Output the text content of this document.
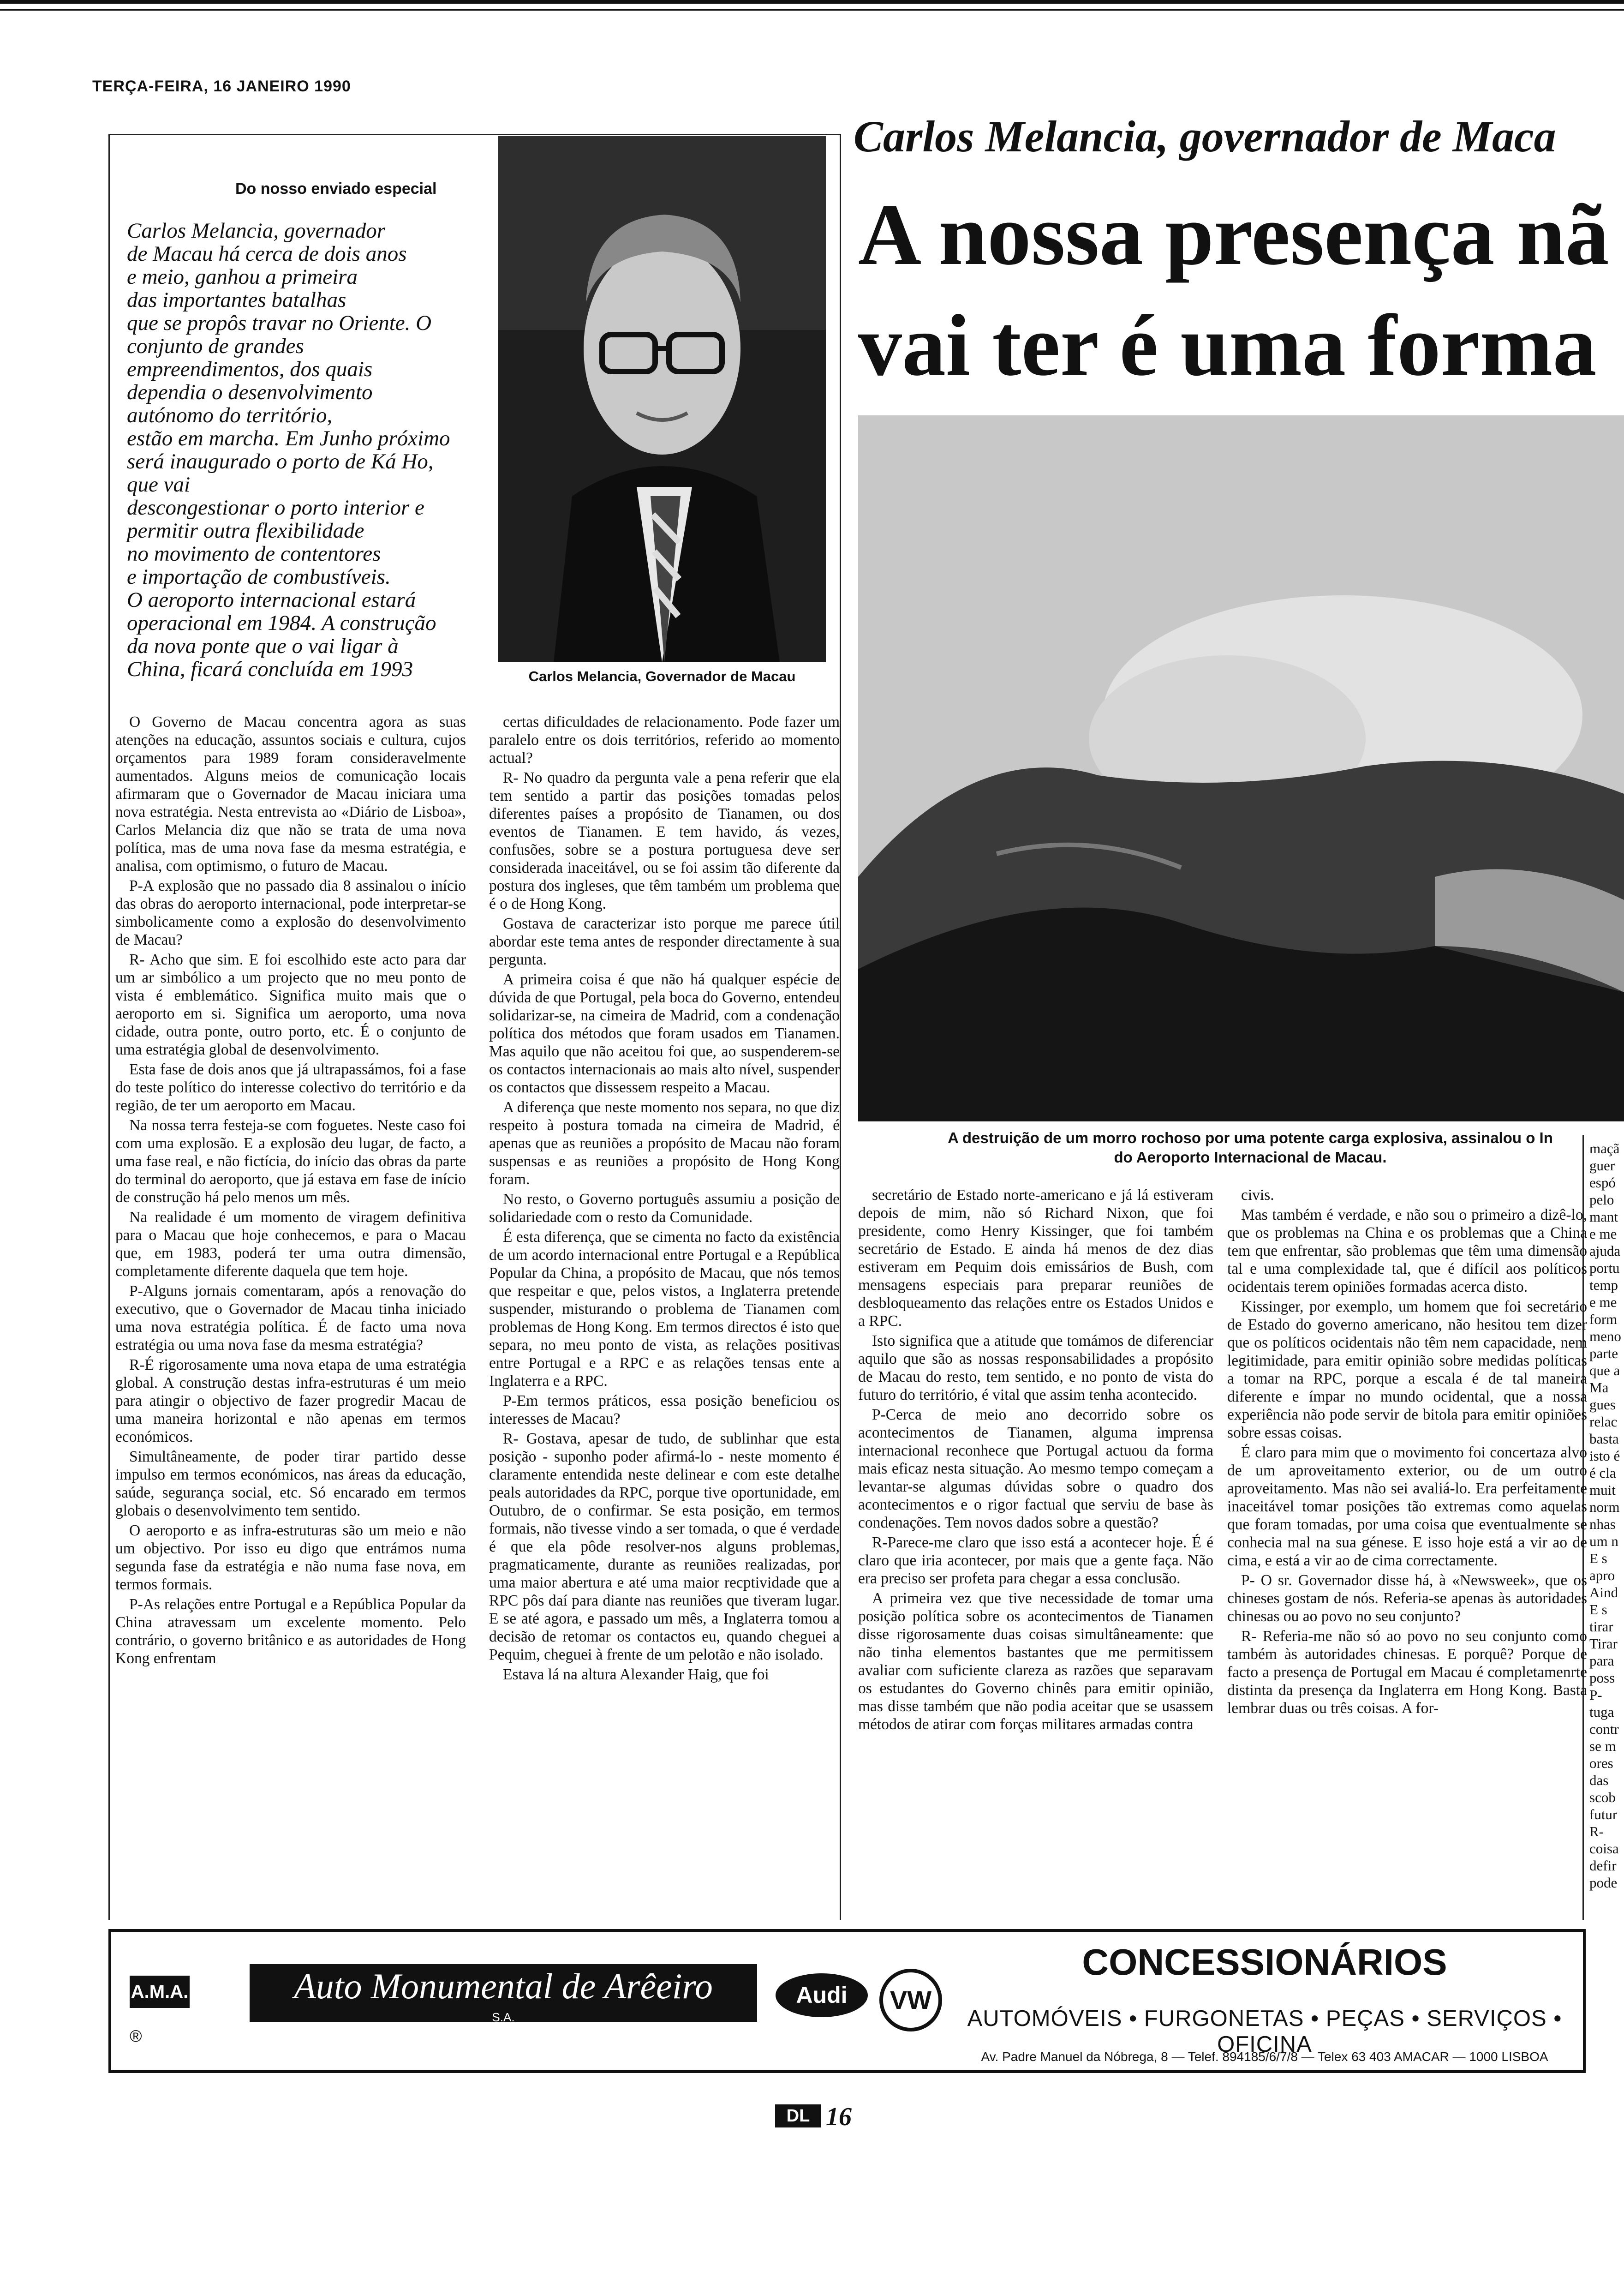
TERÇA-FEIRA, 16 JANEIRO 1990
Carlos Melancia, governador de Maca
A nossa presença nã
vai ter é uma forma
Do nosso enviado especial

Carlos Melancia, governador

de Macau há cerca de dois anos

e meio, ganhou a primeira

das importantes batalhas

que se propôs travar no Oriente. O

conjunto de grandes

empreendimentos, dos quais

dependia o desenvolvimento

autónomo do território,

estão em marcha. Em Junho próximo

será inaugurado o porto de Ká Ho,

que vai

descongestionar o porto interior e

permitir outra flexibilidade

no movimento de contentores

e importação de combustíveis.

O aeroporto internacional estará

operacional em 1984. A construção

da nova ponte que o vai ligar à

China, ficará concluída em 1993	Carlos Melancia, Governador de Macau
A destruição de um morro rochoso por uma potente carga explosiva, assinalou o In
do Aeroporto Internacional de Macau.

O Governo de Macau concentra agora as suas atenções na educação, assuntos sociais e cultura, cujos orçamentos para 1989 foram consideravelmente aumentados. Alguns meios de comunicação locais afirmaram que o Governador de Macau iniciara uma nova estratégia. Nesta entrevista ao «Diário de Lisboa», Carlos Melancia diz que não se trata de uma nova política, mas de uma nova fase da mesma estratégia, e analisa, com optimismo, o futuro de Macau.

P-A explosão que no passado dia 8 assinalou o início das obras do aeroporto internacional, pode interpretar-se simbolicamente como a explosão do desenvolvimento de Macau?

R- Acho que sim. E foi escolhido este acto para dar um ar simbólico a um projecto que no meu ponto de vista é emblemático. Significa muito mais que o aeroporto em si. Significa um aeroporto, uma nova cidade, outra ponte, outro porto, etc. É o conjunto de uma estratégia global de desenvolvimento.

Esta fase de dois anos que já ultrapassámos, foi a fase do teste político do interesse colectivo do território e da região, de ter um aeroporto em Macau.

Na nossa terra festeja-se com foguetes. Neste caso foi com uma explosão. E a explosão deu lugar, de facto, a uma fase real, e não fictícia, do início das obras da parte do terminal do aeroporto, que já estava em fase de início de construção há pelo menos um mês.

Na realidade é um momento de viragem definitiva para o Macau que hoje conhecemos, e para o Macau que, em 1983, poderá ter uma outra dimensão, completamente diferente daquela que tem hoje.

P-Alguns jornais comentaram, após a renovação do executivo, que o Governador de Macau tinha iniciado uma nova estratégia política. É de facto uma nova estratégia ou uma nova fase da mesma estratégia?

R-É rigorosamente uma nova etapa de uma estratégia global. A construção destas infra-estruturas é um meio para atingir o objectivo de fazer progredir Macau de uma maneira horizontal e não apenas em termos económicos.

Simultâneamente, de poder tirar partido desse impulso em termos económicos, nas áreas da educação, saúde, segurança social, etc. Só encarado em termos globais o desenvolvimento tem sentido.

O aeroporto e as infra-estruturas são um meio e não um objectivo. Por isso eu digo que entrámos numa segunda fase da estratégia e não numa fase nova, em termos formais.

P-As relações entre Portugal e a República Popular da China atravessam um excelente momento. Pelo contrário, o governo britânico e as autoridades de Hong Kong enfrentam

certas dificuldades de relacionamento. Pode fazer um paralelo entre os dois territórios, referido ao momento actual?

R- No quadro da pergunta vale a pena referir que ela tem sentido a partir das posições tomadas pelos diferentes países a propósito de Tianamen, ou dos eventos de Tianamen. E tem havido, ás vezes, confusões, sobre se a postura portuguesa deve ser considerada inaceitável, ou se foi assim tão diferente da postura dos ingleses, que têm também um problema que é o de Hong Kong.

Gostava de caracterizar isto porque me parece útil abordar este tema antes de responder directamente à sua pergunta.

A primeira coisa é que não há qualquer espécie de dúvida de que Portugal, pela boca do Governo, entendeu solidarizar-se, na cimeira de Madrid, com a condenação política dos métodos que foram usados em Tianamen. Mas aquilo que não aceitou foi que, ao suspenderem-se os contactos internacionais ao mais alto nível, suspender os contactos que dissessem respeito a Macau.

A diferença que neste momento nos separa, no que diz respeito à postura tomada na cimeira de Madrid, é apenas que as reuniões a propósito de Macau não foram suspensas e as reuniões a propósito de Hong Kong foram.

No resto, o Governo português assumiu a posição de solidariedade com o resto da Comunidade.

É esta diferença, que se cimenta no facto da existência de um acordo internacional entre Portugal e a República Popular da China, a propósito de Macau, que nós temos que respeitar e que, pelos vistos, a Inglaterra pretende suspender, misturando o problema de Tianamen com problemas de Hong Kong. Em termos directos é isto que separa, no meu ponto de vista, as relações positivas entre Portugal e a RPC e as relações tensas ente a Inglaterra e a RPC.

P-Em termos práticos, essa posição beneficiou os interesses de Macau?

R- Gostava, apesar de tudo, de sublinhar que esta posição - suponho poder afirmá-lo - neste momento é claramente entendida neste delinear e com este detalhe peals autoridades da RPC, porque tive oportunidade, em Outubro, de o confirmar. Se esta posição, em termos formais, não tivesse vindo a ser tomada, o que é verdade é que ela pôde resolver-nos alguns problemas, pragmaticamente, durante as reuniões realizadas, por uma maior abertura e até uma maior recptividade que a RPC pôs daí para diante nas reuniões que tiveram lugar. E se até agora, e passado um mês, a Inglaterra tomou a decisão de retomar os contactos eu, quando cheguei a Pequim, cheguei à frente de um pelotão e não isolado.

Estava lá na altura Alexander Haig, que foi

secretário de Estado norte-americano e já lá estiveram depois de mim, não só Richard Nixon, que foi presidente, como Henry Kissinger, que foi também secretário de Estado. E ainda há menos de dez dias estiveram em Pequim dois emissários de Bush, com mensagens especiais para preparar reuniões de desbloqueamento das relações entre os Estados Unidos e a RPC.

Isto significa que a atitude que tomámos de diferenciar aquilo que são as nossas responsabilidades a propósito de Macau do resto, tem sentido, e no ponto de vista do futuro do território, é vital que assim tenha acontecido.

P-Cerca de meio ano decorrido sobre os acontecimentos de Tianamen, alguma imprensa internacional reconhece que Portugal actuou da forma mais eficaz nesta situação. Ao mesmo tempo começam a levantar-se algumas dúvidas sobre o quadro dos acontecimentos e o rigor factual que serviu de base às condenações. Tem novos dados sobre a questão?

R-Parece-me claro que isso está a acontecer hoje. É é claro que iria acontecer, por mais que a gente faça. Não era preciso ser profeta para chegar a essa conclusão.

A primeira vez que tive necessidade de tomar uma posição política sobre os acontecimentos de Tianamen disse rigorosamente duas coisas simultâneamente: que não tinha elementos bastantes que me permitissem avaliar com suficiente clareza as razões que separavam os estudantes do Governo chinês para emitir opinião, mas disse também que não podia aceitar que se usassem métodos de atirar com forças militares armadas contra

civis.

Mas também é verdade, e não sou o primeiro a dizê-lo, que os problemas na China e os problemas que a China tem que enfrentar, são problemas que têm uma dimensão tal e uma complexidade tal, que é difícil aos políticos ocidentais terem opiniões formadas acerca disto.

Kissinger, por exemplo, um homem que foi secretário de Estado do governo americano, não hesitou tem dizer que os políticos ocidentais não têm nem capacidade, nem legitimidade, para emitir opinião sobre medidas políticas a tomar na RPC, porque a escala é de tal maneira diferente e ímpar no mundo ocidental, que a nossa experiência não pode servir de bitola para emitir opiniões sobre essas coisas.

É claro para mim que o movimento foi concertaza alvo de um aproveitamento exterior, ou de um outro aproveitamento. Mas não sei avaliá-lo. Era perfeitamente inaceitável tomar posições tão extremas como aquelas que foram tomadas, por uma coisa que eventualmente se conhecia mal na sua génese. E isso hoje está a vir ao de cima, e está a vir ao de cima correctamente.

P- O sr. Governador disse há, à «Newsweek», que os chineses gostam de nós. Referia-se apenas às autoridades chinesas ou ao povo no seu conjunto?

R- Referia-me não só ao povo no seu conjunto como também às autoridades chinesas. E porquê? Porque de facto a presença de Portugal em Macau é completamenrte distinta da presença da Inglaterra em Hong Kong. Basta lembrar duas ou três coisas. A for-

maçã
guer
espó
pelo
mant
e me
ajuda
portu
temp
e me
form
meno
parte
que a
Ma
gues
relac
basta
isto é
é cla
muit
norm
nhas
um n
E s
apro
Aind
E s
tirar
Tirar
para
poss
P-
tuga
contr
se m
ores
das
scob
futur
R-
coisa
defir
pode
A.M.A.
®
Auto Monumental de Arêeiro
S.A.
Audi	VW
CONCESSIONÁRIOS
AUTOMÓVEIS • FURGONETAS • PEÇAS • SERVIÇOS • OFICINA
Av. Padre Manuel da Nóbrega, 8 — Telef. 894185/6/7/8 — Telex 63 403 AMACAR — 1000 LISBOA
DL 16
